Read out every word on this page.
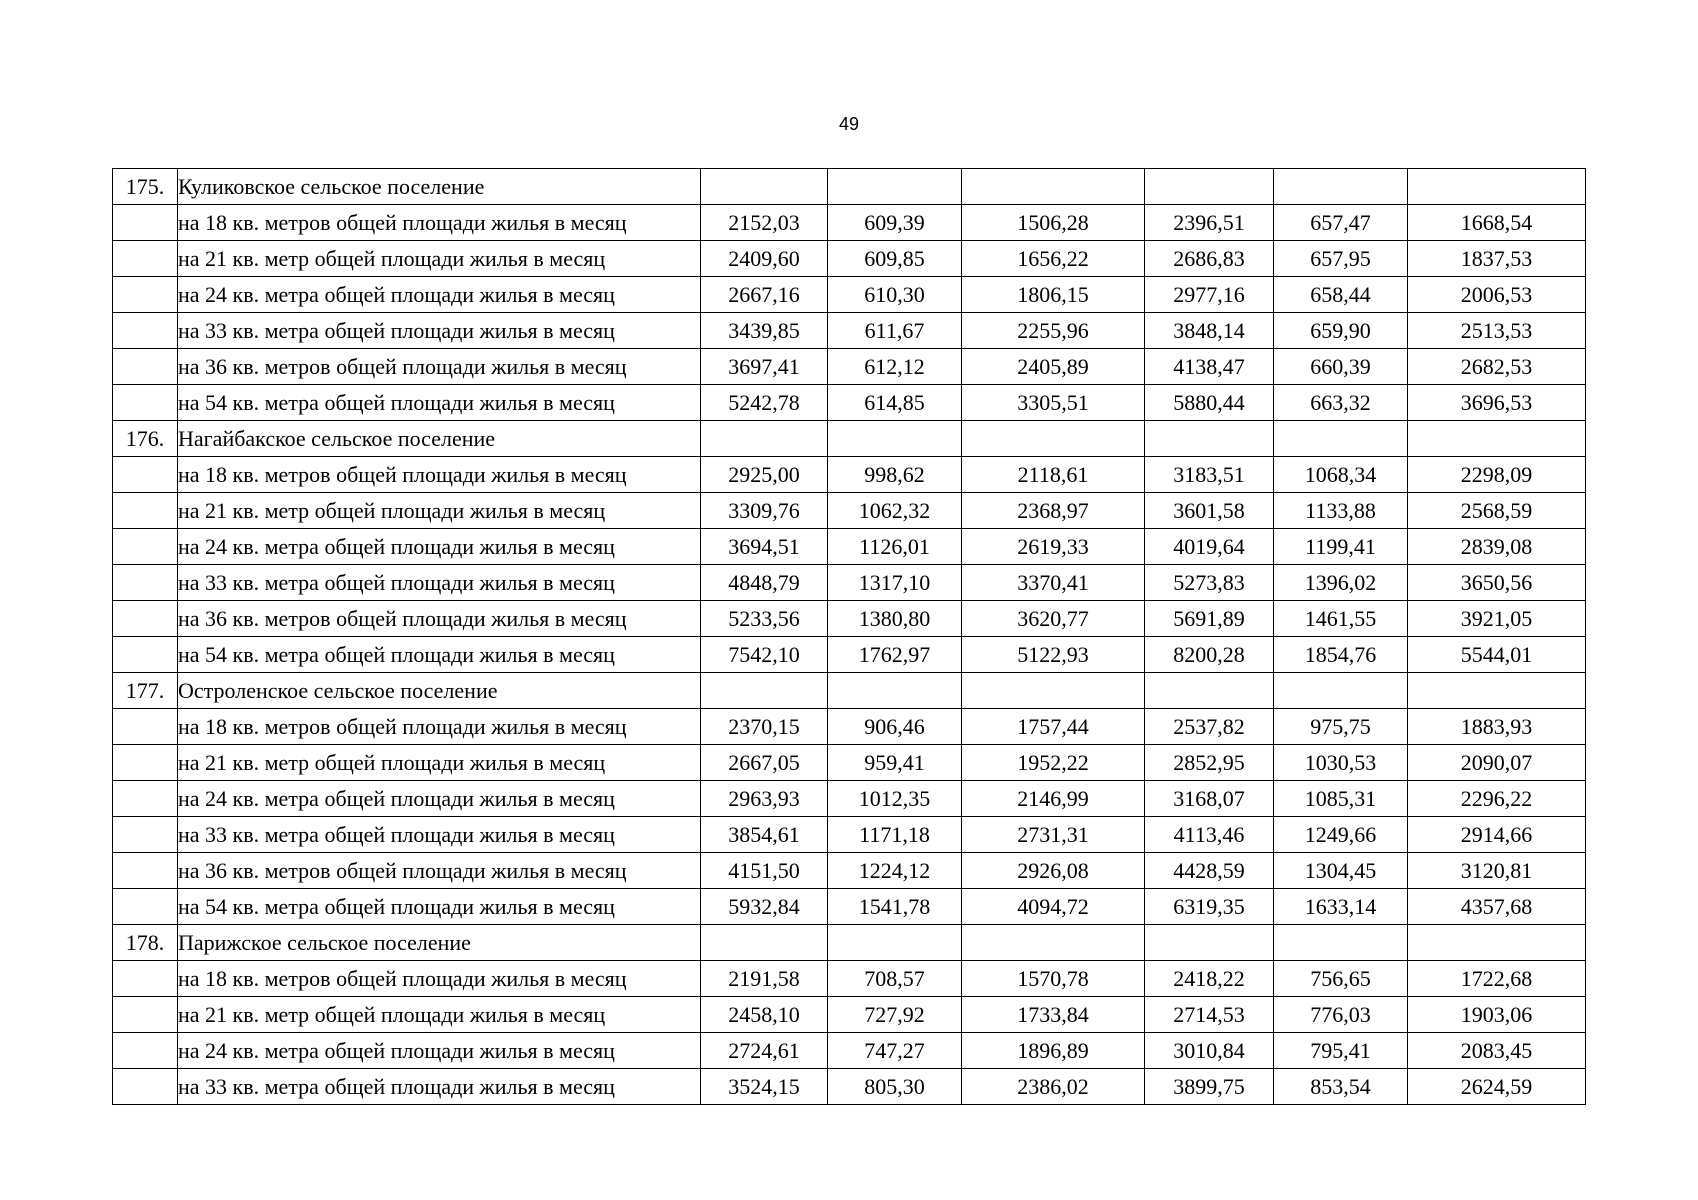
49
175.	Куликовское сельское поселение						
	на 18 кв. метров общей площади жилья в месяц	2152,03	609,39	1506,28	2396,51	657,47	1668,54
	на 21 кв. метр общей площади жилья в месяц	2409,60	609,85	1656,22	2686,83	657,95	1837,53
	на 24 кв. метра общей площади жилья в месяц	2667,16	610,30	1806,15	2977,16	658,44	2006,53
	на 33 кв. метра общей площади жилья в месяц	3439,85	611,67	2255,96	3848,14	659,90	2513,53
	на 36 кв. метров общей площади жилья в месяц	3697,41	612,12	2405,89	4138,47	660,39	2682,53
	на 54 кв. метра общей площади жилья в месяц	5242,78	614,85	3305,51	5880,44	663,32	3696,53
176.	Нагайбакское сельское поселение						
	на 18 кв. метров общей площади жилья в месяц	2925,00	998,62	2118,61	3183,51	1068,34	2298,09
	на 21 кв. метр общей площади жилья в месяц	3309,76	1062,32	2368,97	3601,58	1133,88	2568,59
	на 24 кв. метра общей площади жилья в месяц	3694,51	1126,01	2619,33	4019,64	1199,41	2839,08
	на 33 кв. метра общей площади жилья в месяц	4848,79	1317,10	3370,41	5273,83	1396,02	3650,56
	на 36 кв. метров общей площади жилья в месяц	5233,56	1380,80	3620,77	5691,89	1461,55	3921,05
	на 54 кв. метра общей площади жилья в месяц	7542,10	1762,97	5122,93	8200,28	1854,76	5544,01
177.	Остроленское сельское поселение						
	на 18 кв. метров общей площади жилья в месяц	2370,15	906,46	1757,44	2537,82	975,75	1883,93
	на 21 кв. метр общей площади жилья в месяц	2667,05	959,41	1952,22	2852,95	1030,53	2090,07
	на 24 кв. метра общей площади жилья в месяц	2963,93	1012,35	2146,99	3168,07	1085,31	2296,22
	на 33 кв. метра общей площади жилья в месяц	3854,61	1171,18	2731,31	4113,46	1249,66	2914,66
	на 36 кв. метров общей площади жилья в месяц	4151,50	1224,12	2926,08	4428,59	1304,45	3120,81
	на 54 кв. метра общей площади жилья в месяц	5932,84	1541,78	4094,72	6319,35	1633,14	4357,68
178.	Парижское сельское поселение						
	на 18 кв. метров общей площади жилья в месяц	2191,58	708,57	1570,78	2418,22	756,65	1722,68
	на 21 кв. метр общей площади жилья в месяц	2458,10	727,92	1733,84	2714,53	776,03	1903,06
	на 24 кв. метра общей площади жилья в месяц	2724,61	747,27	1896,89	3010,84	795,41	2083,45
	на 33 кв. метра общей площади жилья в месяц	3524,15	805,30	2386,02	3899,75	853,54	2624,59
